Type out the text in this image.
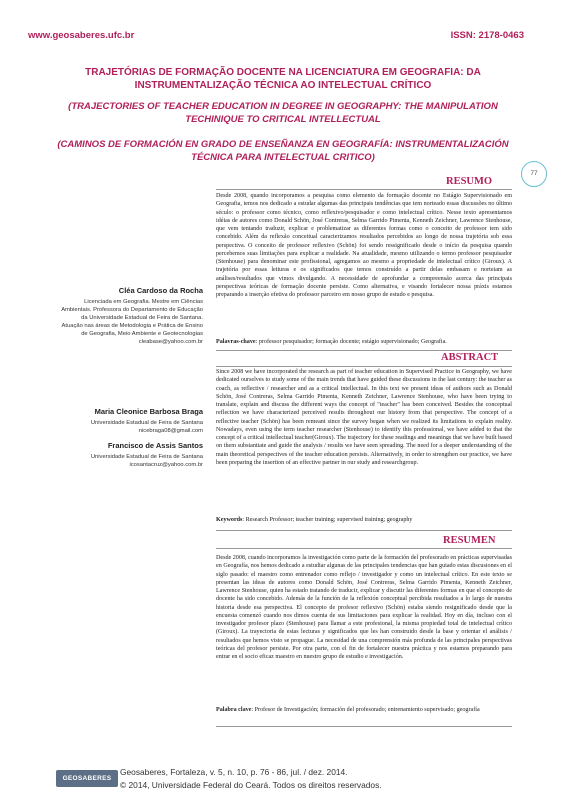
www.geosaberes.ufc.br	ISSN: 2178-0463
TRAJETÓRIAS DE FORMAÇÃO DOCENTE NA LICENCIATURA EM GEOGRAFIA: DA INSTRUMENTALIZAÇÃO TÉCNICA AO INTELECTUAL CRÍTICO
(TRAJECTORIES OF TEACHER EDUCATION IN DEGREE IN GEOGRAPHY: THE MANIPULATION TECHINIQUE TO CRITICAL INTELLECTUAL
(CAMINOS DE FORMACIÓN EN GRADO DE ENSEÑANZA EN GEOGRAFÍA: INSTRUMENTALIZACIÓN TÉCNICA PARA INTELECTUAL CRITICO)
77
RESUMO
Desde 2008, quando incorporamos a pesquisa como elemento da formação docente no Estágio Supervisionado em Geografia, temos nos dedicado a estudar algumas das principais tendências que tem norteado essas discussões no último século: o professor como técnico, como reflexivo/pesquisador e como intelectual crítico. Nesse texto apresentamos idéias de autores como Donald Schön, José Contreras, Selma Garrido Pimenta, Kenneth Zeichner, Lawrence Stenhouse, que vem tentando traduzir, explicar e problematizar as diferentes formas como o conceito de professor tem sido concebido. Além da reflexão conceitual caracterizamos resultados percebidos ao longo de nossa trajetória sob essa perspectiva. O conceito de professor reflexivo (Schön) foi sendo ressignificado desde o início da pesquisa quando percebemos suas limitações para explicar a realidade. Na atualidade, mesmo utilizando o termo professor pesquisador (Stenhouse) para denominar este profissional, agregamos ao mesmo a propriedade de intelectual crítico (Giroux). A trajetória por essas leituras e os significados que temos construído a partir delas embasam e norteiam as análises/resultados que vimos divulgando. A necessidade de aprofundar a compreensão acerca das principais perspectivas teóricas de formação docente persiste. Como alternativa, e visando fortalecer nossa práxis estamos preparando a inserção efetiva do professor parceiro em nosso grupo de estudo e pesquisa.
Palavras-chave: professor pesquisador; formação docente; estágio supervisionado; Geografia.
ABSTRACT
Since 2008 we have incorporated the research as part of teacher education in Supervised Practice in Geography, we have dedicated ourselves to study some of the main trends that have guided these discussions in the last century: the teacher as coach, as reflective / researcher and as a critical intellectual. In this text we present ideas of authors such as Donald Schön, José Contreras, Selma Garrido Pimenta, Kenneth Zeichner, Lawrence Stenhouse, who have been trying to translate, explain and discuss the different ways the concept of "teacher" has been conceived. Besides the conceptual reflection we have characterized perceived results throughout our history from that perspective. The concept of a reflective teacher (Schön) has been remeant since the survey began when we realized its limitations to explain reality. Nowadays, even using the term teacher researcher (Stenhouse) to identify this professional, we have added to that the concept of a critical intellectual teacher(Giroux). The trajectory for these readings and meanings that we have built based on them substantiate and guide the analysis / results we have seen spreading. The need for a deeper understanding of the main theoretical perspectives of the teacher education persists. Alternatively, in order to strengthen our practice, we have been preparing the insertion of an effective partner in our study and researchgroup.
Keywords: Research Professor; teacher training; supervised training; geography
RESUMEN
Desde 2008, cuando incorporamos la investigación como parte de la formación del profesorado en prácticas supervisadas en Geografía, nos hemos dedicado a estudiar algunas de las principales tendencias que han guiado estas discusiones en el siglo pasado: el maestro como entrenador como reflejo / investigador y como un intelectual crítico. En este texto se presentan las ideas de autores como Donald Schön, José Contreras, Selma Garrido Pimenta, Kenneth Zeichner, Lawrence Stenhouse, quien ha estado tratando de traducir, explicar y discutir las diferentes formas en que el concepto de docente ha sido concebido. Además de la función de la reflexión conceptual percibida resultados a lo largo de nuestra historia desde esa perspectiva. El concepto de profesor reflexivo (Schön) estaba siendo resignificado desde que la encuesta comenzó cuando nos dimos cuenta de sus limitaciones para explicar la realidad. Hoy en día, incluso con el investigador profesor plazo (Stenhouse) para llamar a este profesional, la misma propiedad total de intelectual crítico (Giroux). La trayectoria de estas lecturas y significados que les han construido desde la base y orientar el análisis / resultados que hemos visto se propague. La necesidad de una comprensión más profunda de las principales perspectivas teóricas del profesor persiste. Por otra parte, con el fin de fortalecer nuestra práctica y nos estamos preparando para entrar en el socio eficaz maestro en nuestro grupo de estudio e investigación.
Palabra clave: Profesor de Investigación; formación del profesorado; entrenamiento supervisado; geografía
Cléa Cardoso da Rocha
Licenciada em Geografia. Mestre em Ciências
Ambientais. Professora do Departamento de Educação
da Universidade Estadual de Feira de Santana.
Atuação nas áreas de Metodologia e Prática de Ensino
de Geografia, Meio Ambiente e Geotecnologias
cleabase@yahoo.com.br
Maria Cleonice Barbosa Braga
Universidade Estadual de Feira de Santana
nicebraga08@gmail.com
Francisco de Assis Santos
Universidade Estadual de Feira de Santana
icosantacruz@yahoo.com.br
GEOSABERES
Geosaberes, Fortaleza, v. 5, n. 10, p. 76 - 86, jul. / dez. 2014.
© 2014, Universidade Federal do Ceará. Todos os direitos reservados.
